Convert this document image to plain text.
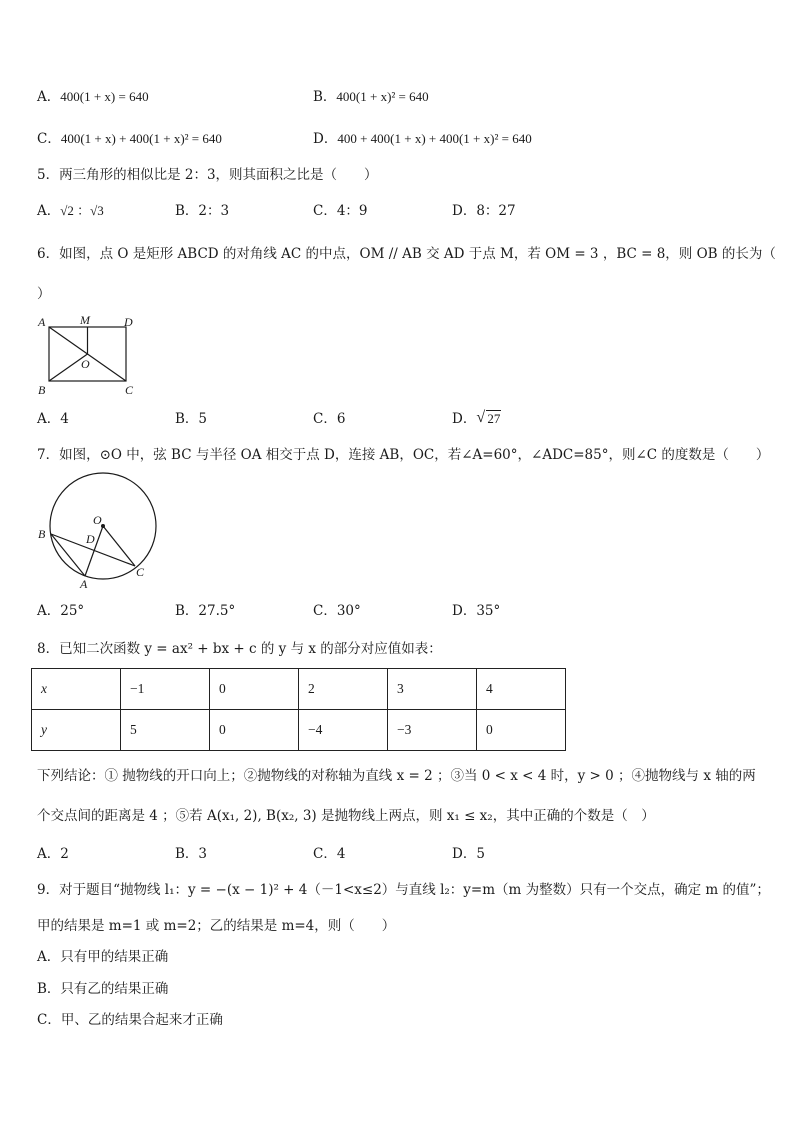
A．400(1 + x) = 640	B．400(1 + x)² = 640
C．400(1 + x) + 400(1 + x)² = 640	D．400 + 400(1 + x) + 400(1 + x)² = 640
5．两三角形的相似比是 2：3，则其面积之比是（　　）
A．√2 ：√3	B．2：3	C．4：9	D．8：27
6．如图，点 O 是矩形 ABCD 的对角线 AC 的中点，OM // AB 交 AD 于点 M，若 OM = 3 ，BC = 8，则 OB 的长为（
）
A	M	D
B
O
C
A．4	B．5	C．6	D． √ 27
7．如图，⊙O 中，弦 BC 与半径 OA 相交于点 D，连接 AB，OC，若∠A=60°，∠ADC=85°，则∠C 的度数是（　　）
B
O
D
A
C
A．25°	B．27.5°	C．30°	D．35°
8．已知二次函数 y = ax² + bx + c 的 y 与 x 的部分对应值如表：
x	−1	0	2	3	4
y	5	0	−4	−3	0
下列结论：① 抛物线的开口向上；②抛物线的对称轴为直线 x = 2 ；③当 0 < x < 4 时，y > 0 ；④抛物线与 x 轴的两
个交点间的距离是 4 ；⑤若 A(x₁, 2), B(x₂, 3) 是抛物线上两点，则 x₁ ≤ x₂，其中正确的个数是（　）
A．2	B．3	C．4	D．5
9．对于题目“抛物线 l₁：y = −(x − 1)² + 4（－1<x≤2）与直线 l₂：y=m（m 为整数）只有一个交点，确定 m 的值”；
甲的结果是 m=1 或 m=2；乙的结果是 m=4，则（　　）
A．只有甲的结果正确
B．只有乙的结果正确
C．甲、乙的结果合起来才正确
